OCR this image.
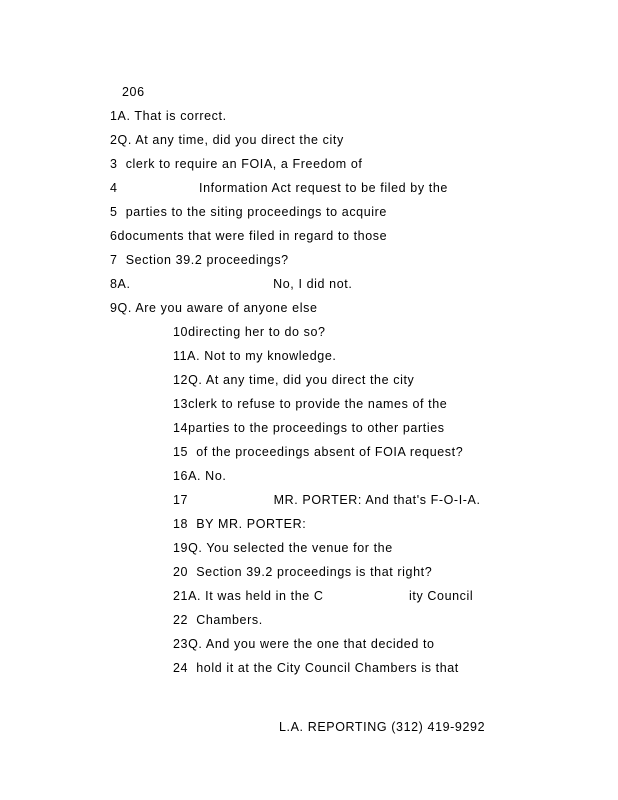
206
1A. That is correct.
2Q. At any time, did you direct the city
3  clerk to require an FOIA, a Freedom of
4                    Information Act request to be filed by the
5  parties to the siting proceedings to acquire
6documents that were filed in regard to those
7  Section 39.2 proceedings?
8A.                                   No, I did not.
9Q. Are you aware of anyone else
10directing her to do so?
11A. Not to my knowledge.
12Q. At any time, did you direct the city
13clerk to refuse to provide the names of the
14parties to the proceedings to other parties
15  of the proceedings absent of FOIA request?
16A. No.
17                     MR. PORTER: And that's F-O-I-A.
18  BY MR. PORTER:
19Q. You selected the venue for the
20  Section 39.2 proceedings is that right?
21A. It was held in the C                     ity Council
22  Chambers.
23Q. And you were the one that decided to
24  hold it at the City Council Chambers is that
L.A. REPORTING (312) 419-9292
